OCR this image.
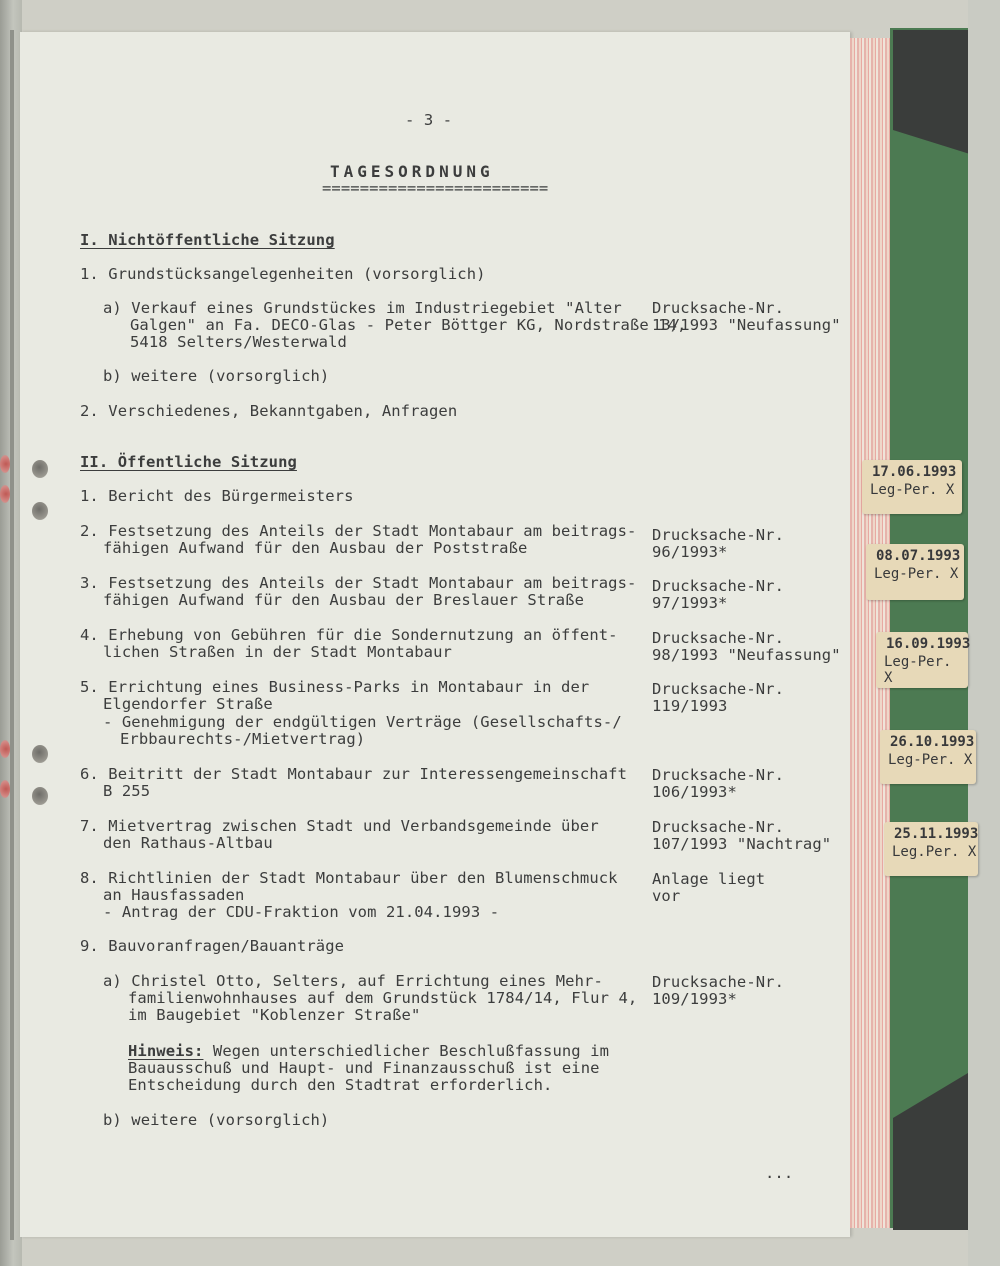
- 3 -
TAGESORDNUNG
========================
I. Nichtöffentliche Sitzung
1. Grundstücksangelegenheiten (vorsorglich)
a) Verkauf eines Grundstückes im Industriegebiet "Alter
Galgen" an Fa. DECO-Glas - Peter Böttger KG, Nordstraße 14,
5418 Selters/Westerwald
Drucksache-Nr.
13/1993 "Neufassung"
b) weitere (vorsorglich)
2. Verschiedenes, Bekanntgaben, Anfragen
II. Öffentliche Sitzung
1. Bericht des Bürgermeisters
2. Festsetzung des Anteils der Stadt Montabaur am beitrags-
fähigen Aufwand für den Ausbau der Poststraße
Drucksache-Nr.
96/1993*
3. Festsetzung des Anteils der Stadt Montabaur am beitrags-
fähigen Aufwand für den Ausbau der Breslauer Straße
Drucksache-Nr.
97/1993*
4. Erhebung von Gebühren für die Sondernutzung an öffent-
lichen Straßen in der Stadt Montabaur
Drucksache-Nr.
98/1993 "Neufassung"
5. Errichtung eines Business-Parks in Montabaur in der
Elgendorfer Straße
- Genehmigung der endgültigen Verträge (Gesellschafts-/
Erbbaurechts-/Mietvertrag)
Drucksache-Nr.
119/1993
6. Beitritt der Stadt Montabaur zur Interessengemeinschaft
B 255
Drucksache-Nr.
106/1993*
7. Mietvertrag zwischen Stadt und Verbandsgemeinde über
den Rathaus-Altbau
Drucksache-Nr.
107/1993 "Nachtrag"
8. Richtlinien der Stadt Montabaur über den Blumenschmuck
an Hausfassaden
- Antrag der CDU-Fraktion vom 21.04.1993 -
Anlage liegt
vor
9. Bauvoranfragen/Bauanträge
a) Christel Otto, Selters, auf Errichtung eines Mehr-
familienwohnhauses auf dem Grundstück 1784/14, Flur 4,
im Baugebiet "Koblenzer Straße"
Drucksache-Nr.
109/1993*
Hinweis: Wegen unterschiedlicher Beschlußfassung im
Bauausschuß und Haupt- und Finanzausschuß ist eine
Entscheidung durch den Stadtrat erforderlich.
b) weitere (vorsorglich)
...
17.06.1993
Leg-Per. X
08.07.1993
Leg-Per. X
16.09.1993
Leg-Per. X
26.10.1993
Leg-Per. X
25.11.1993
Leg.Per. X
